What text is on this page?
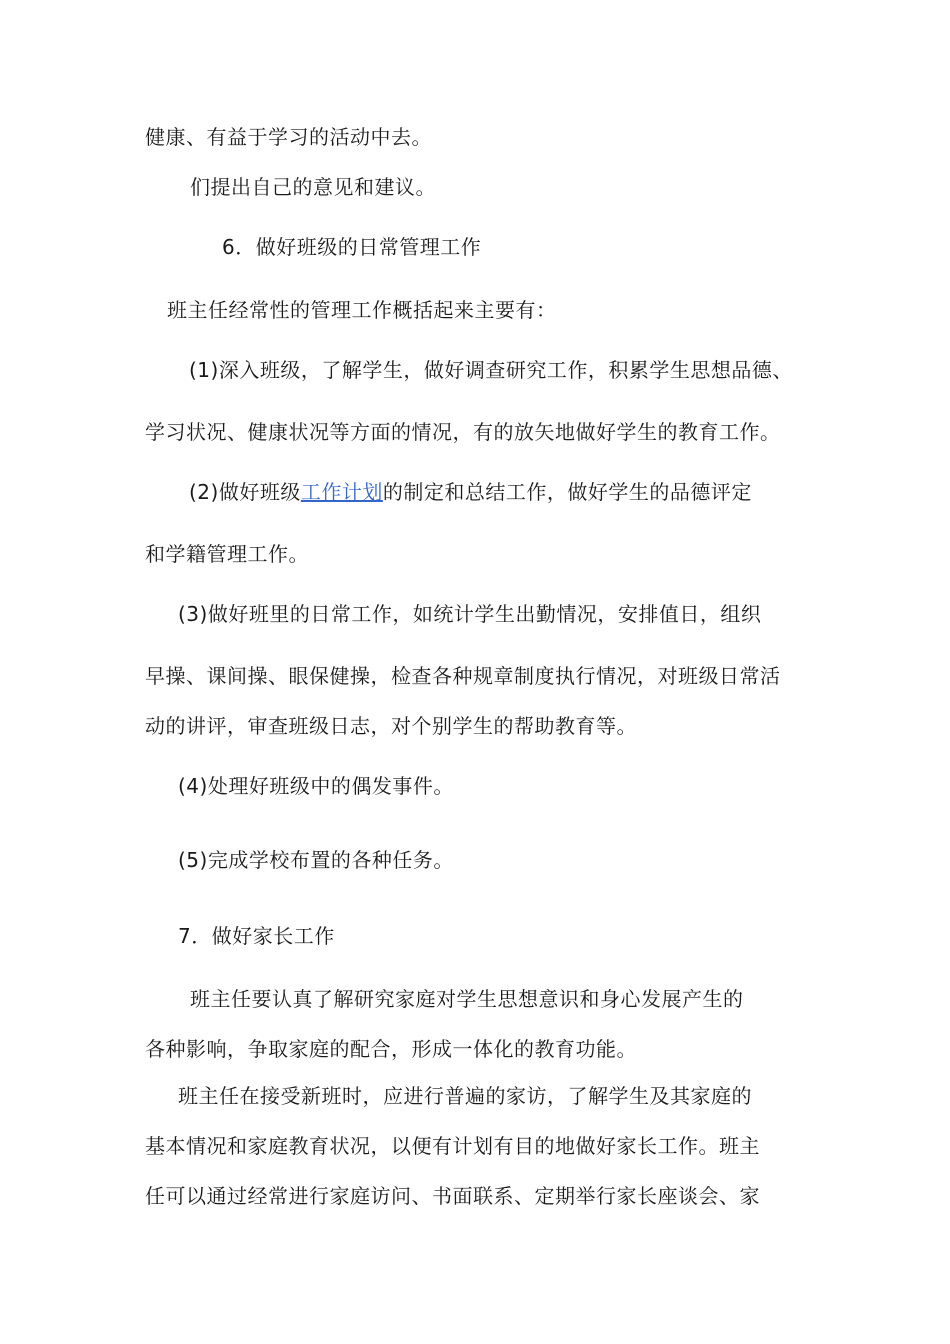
健康、有益于学习的活动中去。
们提出自己的意见和建议。
6．做好班级的日常管理工作
班主任经常性的管理工作概括起来主要有：
(1)深入班级，了解学生，做好调查研究工作，积累学生思想品德、
学习状况、健康状况等方面的情况，有的放矢地做好学生的教育工作。
(2)做好班级工作计划的制定和总结工作，做好学生的品德评定
和学籍管理工作。
(3)做好班里的日常工作，如统计学生出勤情况，安排值日，组织
早操、课间操、眼保健操，检查各种规章制度执行情况，对班级日常活
动的讲评，审查班级日志，对个别学生的帮助教育等。
(4)处理好班级中的偶发事件。
(5)完成学校布置的各种任务。
7．做好家长工作
班主任要认真了解研究家庭对学生思想意识和身心发展产生的
各种影响，争取家庭的配合，形成一体化的教育功能。
班主任在接受新班时，应进行普遍的家访，了解学生及其家庭的
基本情况和家庭教育状况，以便有计划有目的地做好家长工作。班主
任可以通过经常进行家庭访问、书面联系、定期举行家长座谈会、家
